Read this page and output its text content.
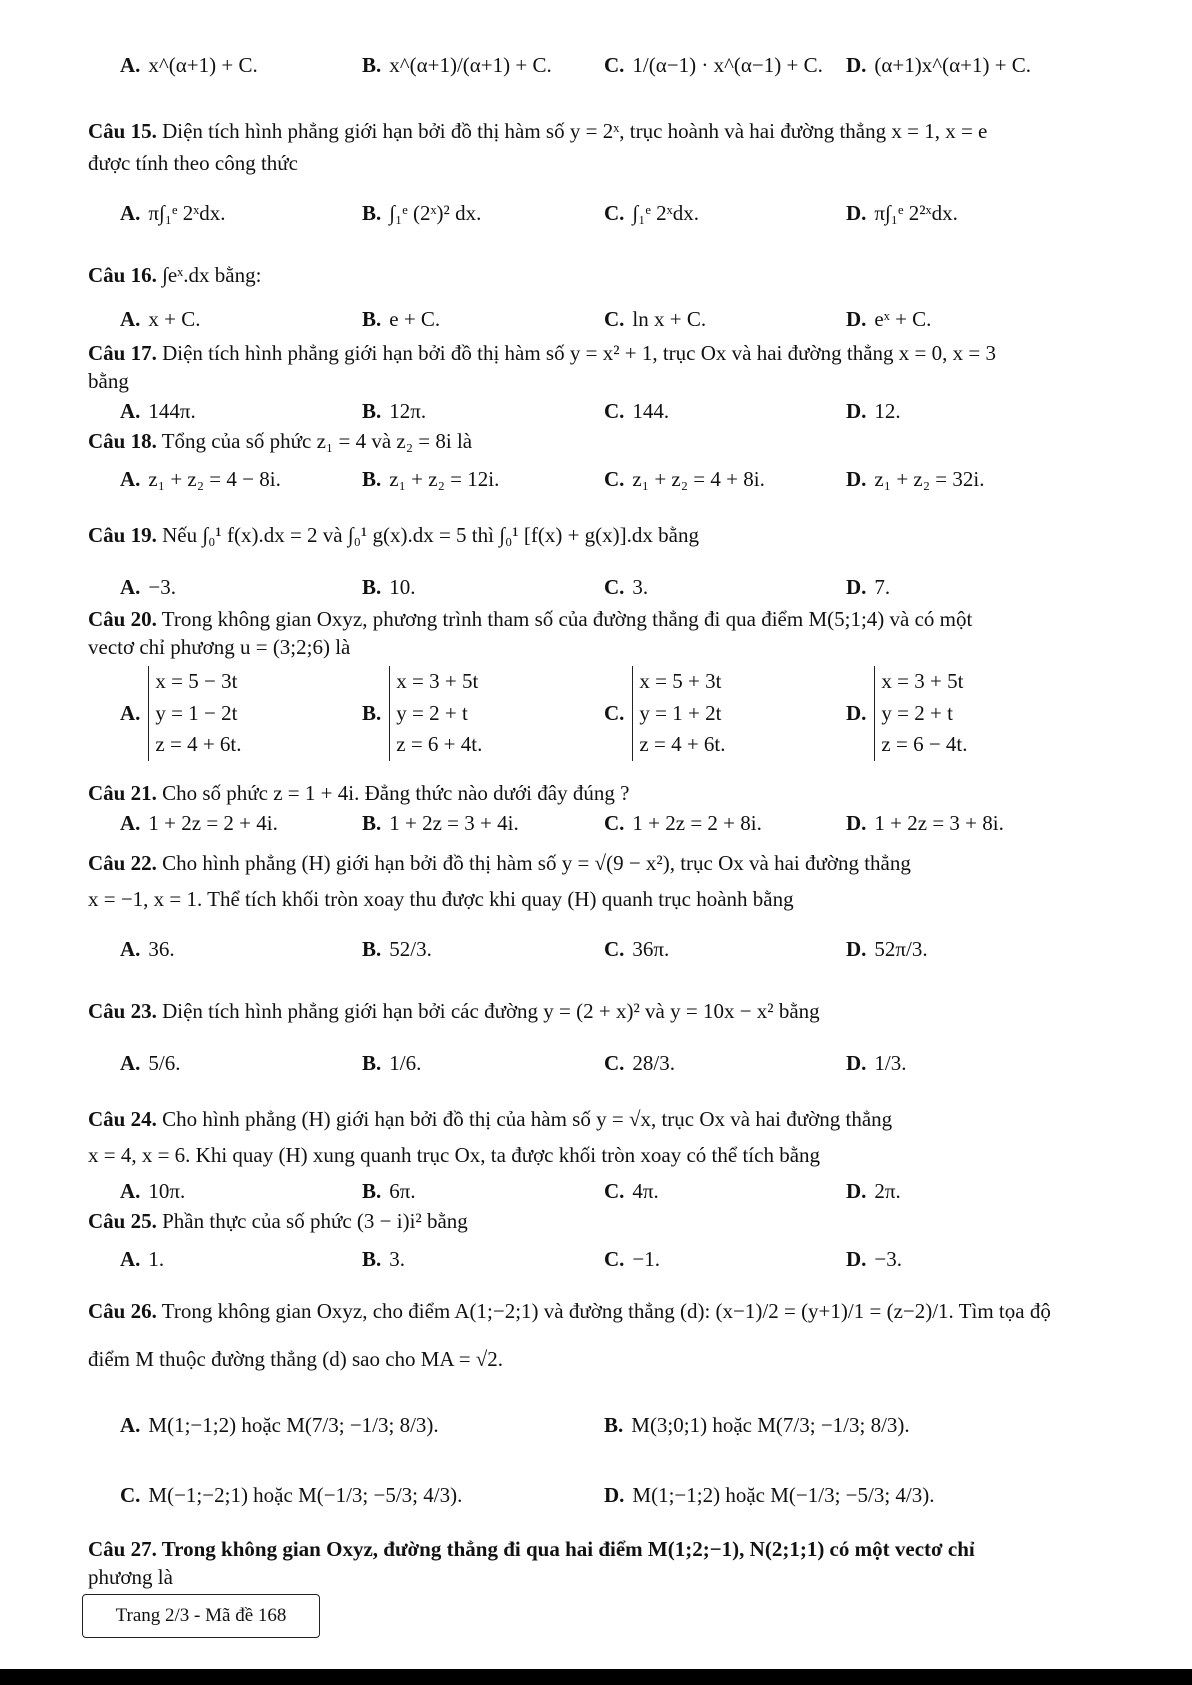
A. x^(α+1) + C.	B. x^(α+1)/(α+1) + C. C. 1/(α−1) · x^(α−1) + C. D. (α+1)x^(α+1) + C.
Câu 15. Diện tích hình phẳng giới hạn bởi đồ thị hàm số y = 2ˣ, trục hoành và hai đường thẳng x = 1, x = e
được tính theo công thức
A. π∫₁ᵉ 2ˣdx.	B. ∫₁ᵉ (2ˣ)² dx.	C. ∫₁ᵉ 2ˣdx.	D. π∫₁ᵉ 2²ˣdx.
Câu 16. ∫eˣ.dx bằng:
A. x + C.	B. e + C.	C. ln x + C.	D. eˣ + C.
Câu 17. Diện tích hình phẳng giới hạn bởi đồ thị hàm số y = x² + 1, trục Ox và hai đường thẳng x = 0, x = 3
bằng
A. 144π.	B. 12π.	C. 144.	D. 12.
Câu 18. Tổng của số phức z₁ = 4 và z₂ = 8i là
A. z₁ + z₂ = 4 − 8i.	B. z₁ + z₂ = 12i.	C. z₁ + z₂ = 4 + 8i.	D. z₁ + z₂ = 32i.
Câu 19. Nếu ∫₀¹ f(x).dx = 2 và ∫₀¹ g(x).dx = 5 thì ∫₀¹ [f(x) + g(x)].dx bằng
A. −3.	B. 10.	C. 3.	D. 7.
Câu 20. Trong không gian Oxyz, phương trình tham số của đường thẳng đi qua điểm M(5;1;4) và có một
vectơ chỉ phương u = (3;2;6) là
A.x = 5 − 3t
y = 1 − 2t
z = 4 + 6t.
B.x = 3 + 5t
y = 2 + t
z = 6 + 4t.
C.x = 5 + 3t
y = 1 + 2t
z = 4 + 6t.
D.x = 3 + 5t
y = 2 + t
z = 6 − 4t.
Câu 21. Cho số phức z = 1 + 4i. Đẳng thức nào dưới đây đúng ?
A. 1 + 2z = 2 + 4i.	B. 1 + 2z = 3 + 4i.	C. 1 + 2z = 2 + 8i.	D. 1 + 2z = 3 + 8i.
Câu 22. Cho hình phẳng (H) giới hạn bởi đồ thị hàm số y = √(9 − x²), trục Ox và hai đường thẳng
x = −1, x = 1. Thể tích khối tròn xoay thu được khi quay (H) quanh trục hoành bằng
A. 36.	B. 52/3.	C. 36π.	D. 52π/3.
Câu 23. Diện tích hình phẳng giới hạn bởi các đường y = (2 + x)² và y = 10x − x² bằng
A. 5/6.	B. 1/6.	C. 28/3.	D. 1/3.
Câu 24. Cho hình phẳng (H) giới hạn bởi đồ thị của hàm số y = √x, trục Ox và hai đường thẳng
x = 4, x = 6. Khi quay (H) xung quanh trục Ox, ta được khối tròn xoay có thể tích bằng
A. 10π.	B. 6π.	C. 4π.	D. 2π.
Câu 25. Phần thực của số phức (3 − i)i² bằng
A. 1.	B. 3.	C. −1.	D. −3.
Câu 26. Trong không gian Oxyz, cho điểm A(1;−2;1) và đường thẳng (d): (x−1)/2 = (y+1)/1 = (z−2)/1. Tìm tọa độ
điểm M thuộc đường thẳng (d) sao cho MA = √2.
A. M(1;−1;2) hoặc M(7/3; −1/3; 8/3).	B. M(3;0;1) hoặc M(7/3; −1/3; 8/3).
C. M(−1;−2;1) hoặc M(−1/3; −5/3; 4/3).	D. M(1;−1;2) hoặc M(−1/3; −5/3; 4/3).
Câu 27. Trong không gian Oxyz, đường thẳng đi qua hai điểm M(1;2;−1), N(2;1;1) có một vectơ chỉ
phương là
Trang 2/3 - Mã đề 168
